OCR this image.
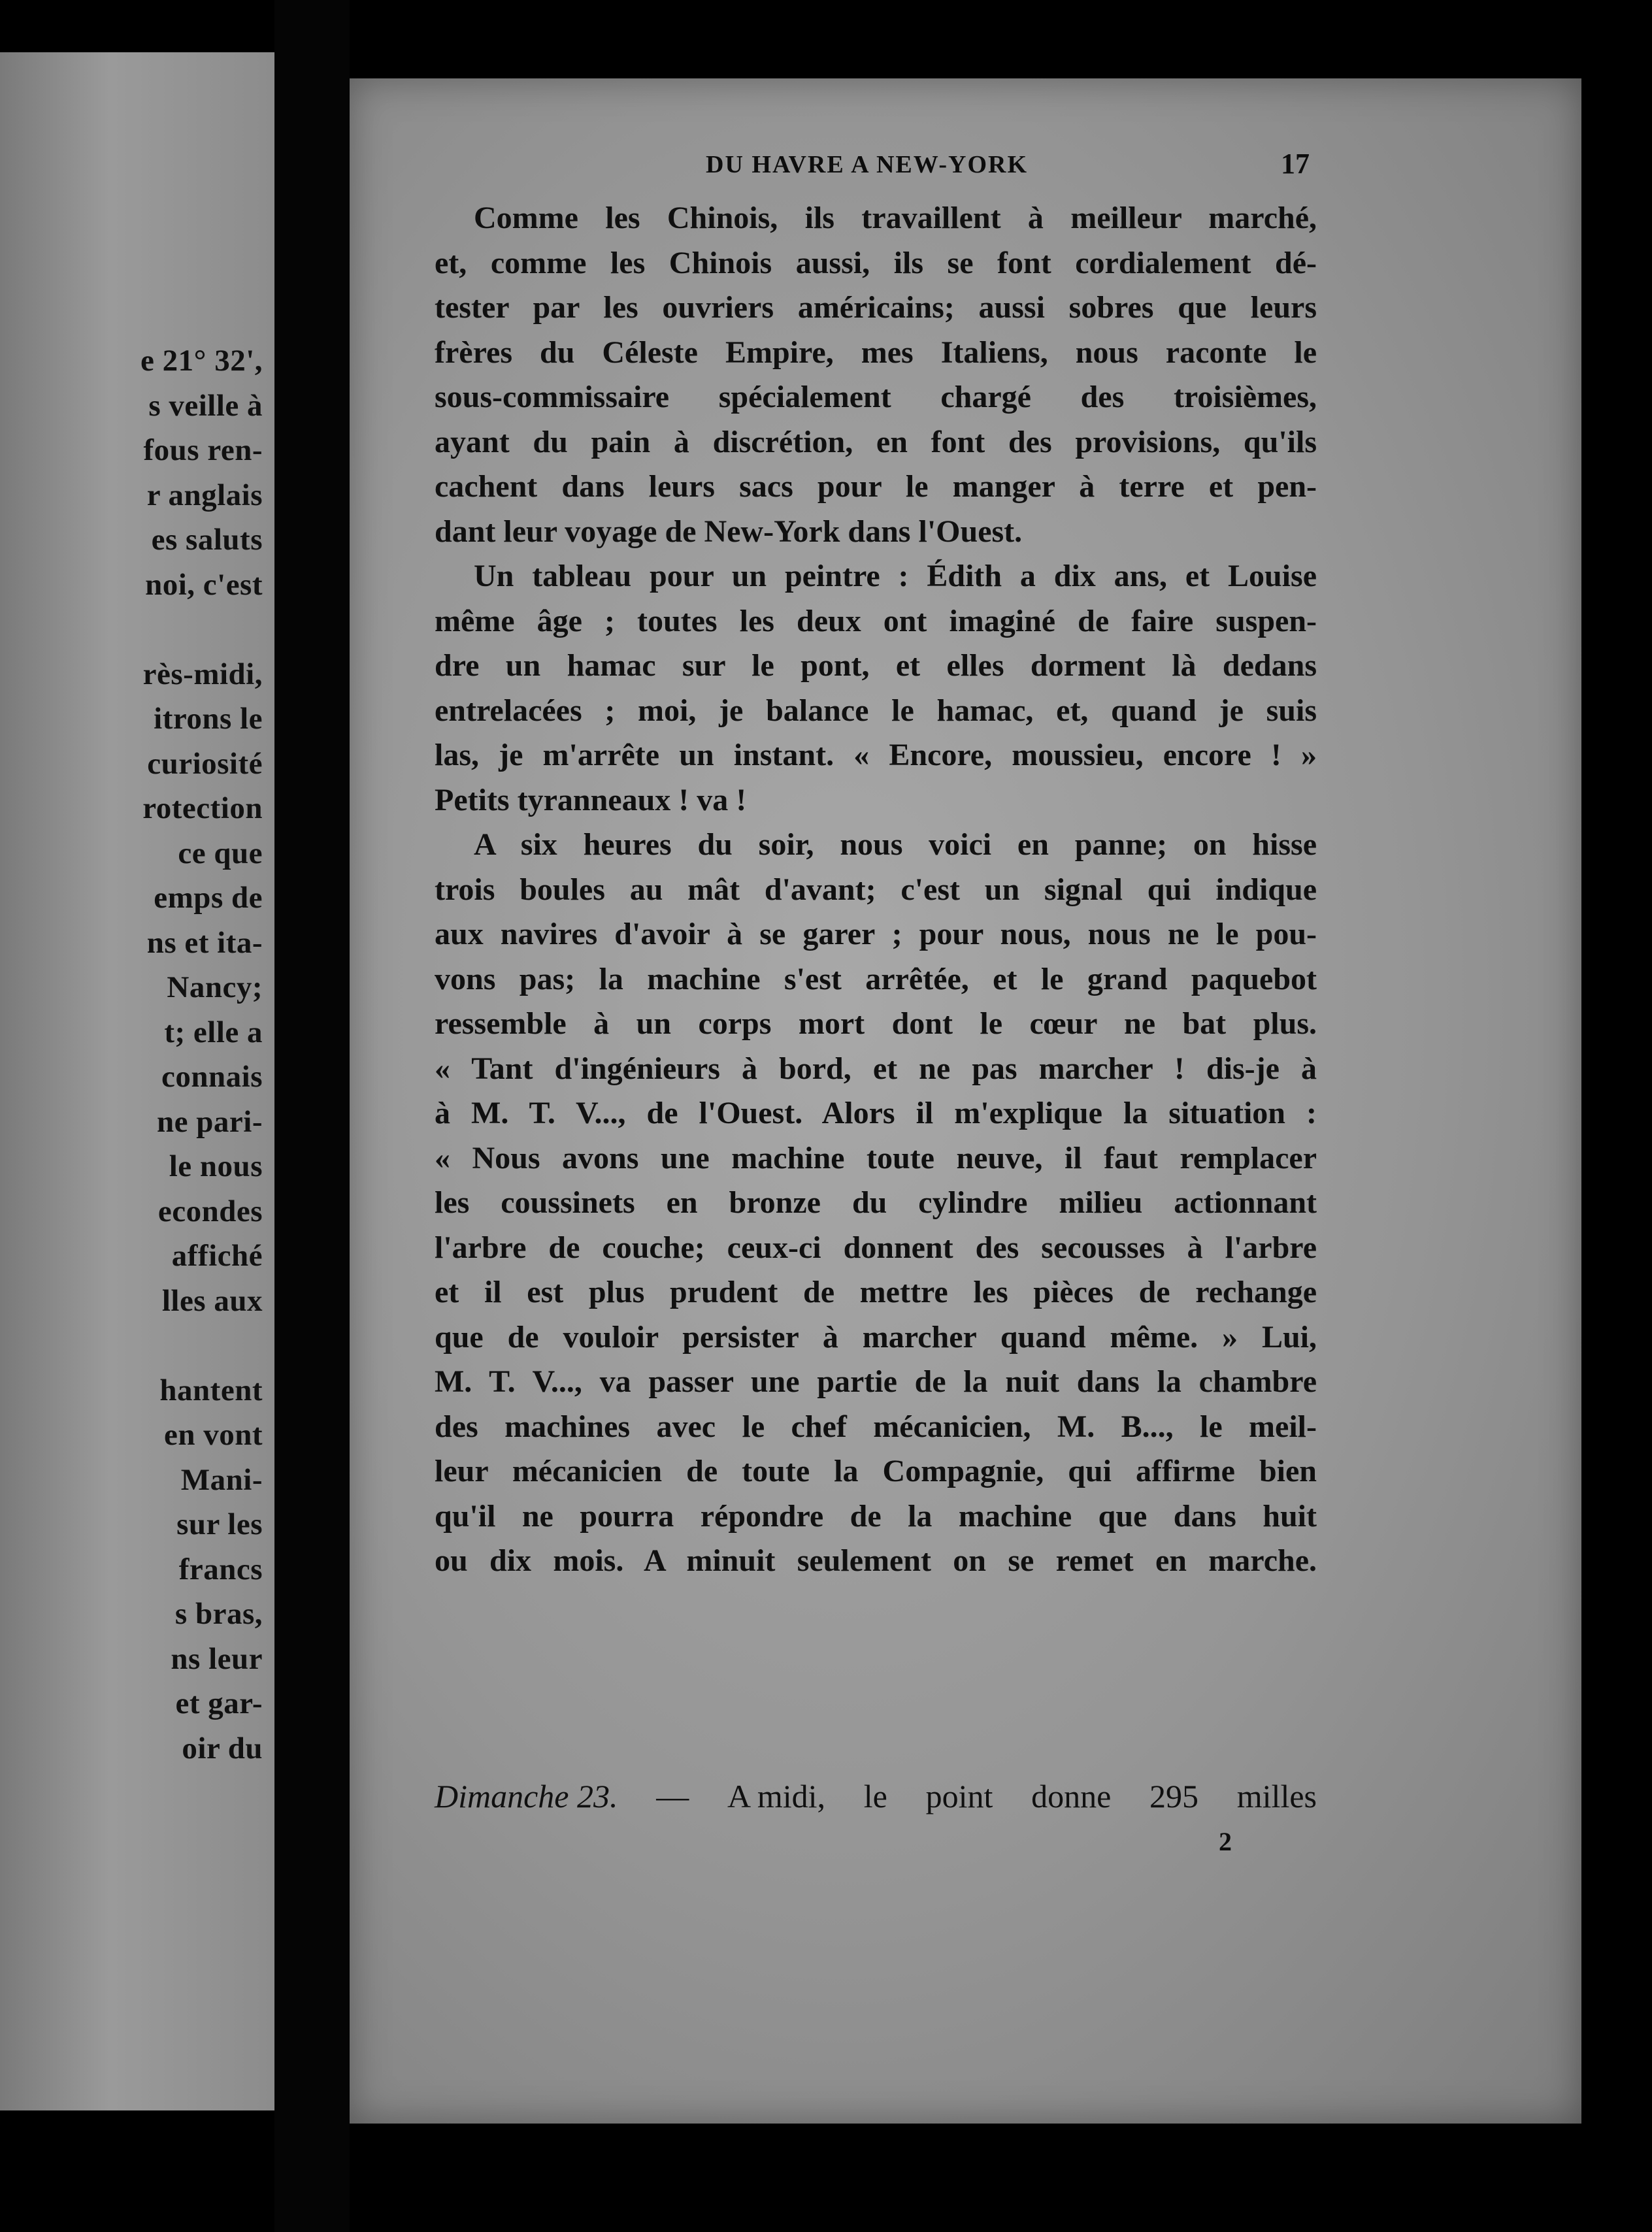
e 21° 32',
s veille à
fous ren-
r anglais
es saluts
noi, c'est
rès-midi,
itrons le
curiosité
rotection
ce que
emps de
ns et ita-
Nancy;
t; elle a
connais
ne pari-
le nous
econdes
affiché
lles aux
hantent
en vont
Mani-
sur les
francs
s bras,
ns leur
et gar-
oir du
DU HAVRE A NEW-YORK	17
Comme les Chinois, ils travaillent à meilleur marché,
et, comme les Chinois aussi, ils se font cordialement dé-
tester par les ouvriers américains; aussi sobres que leurs
frères du Céleste Empire, mes Italiens, nous raconte le
sous-commissaire spécialement chargé des troisièmes,
ayant du pain à discrétion, en font des provisions, qu'ils
cachent dans leurs sacs pour le manger à terre et pen-
dant leur voyage de New-York dans l'Ouest.
Un tableau pour un peintre : Édith a dix ans, et Louise
même âge ; toutes les deux ont imaginé de faire suspen-
dre un hamac sur le pont, et elles dorment là dedans
entrelacées ; moi, je balance le hamac, et, quand je suis
las, je m'arrête un instant. « Encore, moussieu, encore ! »
Petits tyranneaux ! va !
A six heures du soir, nous voici en panne; on hisse
trois boules au mât d'avant; c'est un signal qui indique
aux navires d'avoir à se garer ; pour nous, nous ne le pou-
vons pas; la machine s'est arrêtée, et le grand paquebot
ressemble à un corps mort dont le cœur ne bat plus.
« Tant d'ingénieurs à bord, et ne pas marcher ! dis-je à
à M. T. V..., de l'Ouest. Alors il m'explique la situation :
« Nous avons une machine toute neuve, il faut remplacer
les coussinets en bronze du cylindre milieu actionnant
l'arbre de couche; ceux-ci donnent des secousses à l'arbre
et il est plus prudent de mettre les pièces de rechange
que de vouloir persister à marcher quand même. » Lui,
M. T. V..., va passer une partie de la nuit dans la chambre
des machines avec le chef mécanicien, M. B..., le meil-
leur mécanicien de toute la Compagnie, qui affirme bien
qu'il ne pourra répondre de la machine que dans huit
ou dix mois. A minuit seulement on se remet en marche.
Dimanche 23. — A midi, le point donne 295 milles
2
